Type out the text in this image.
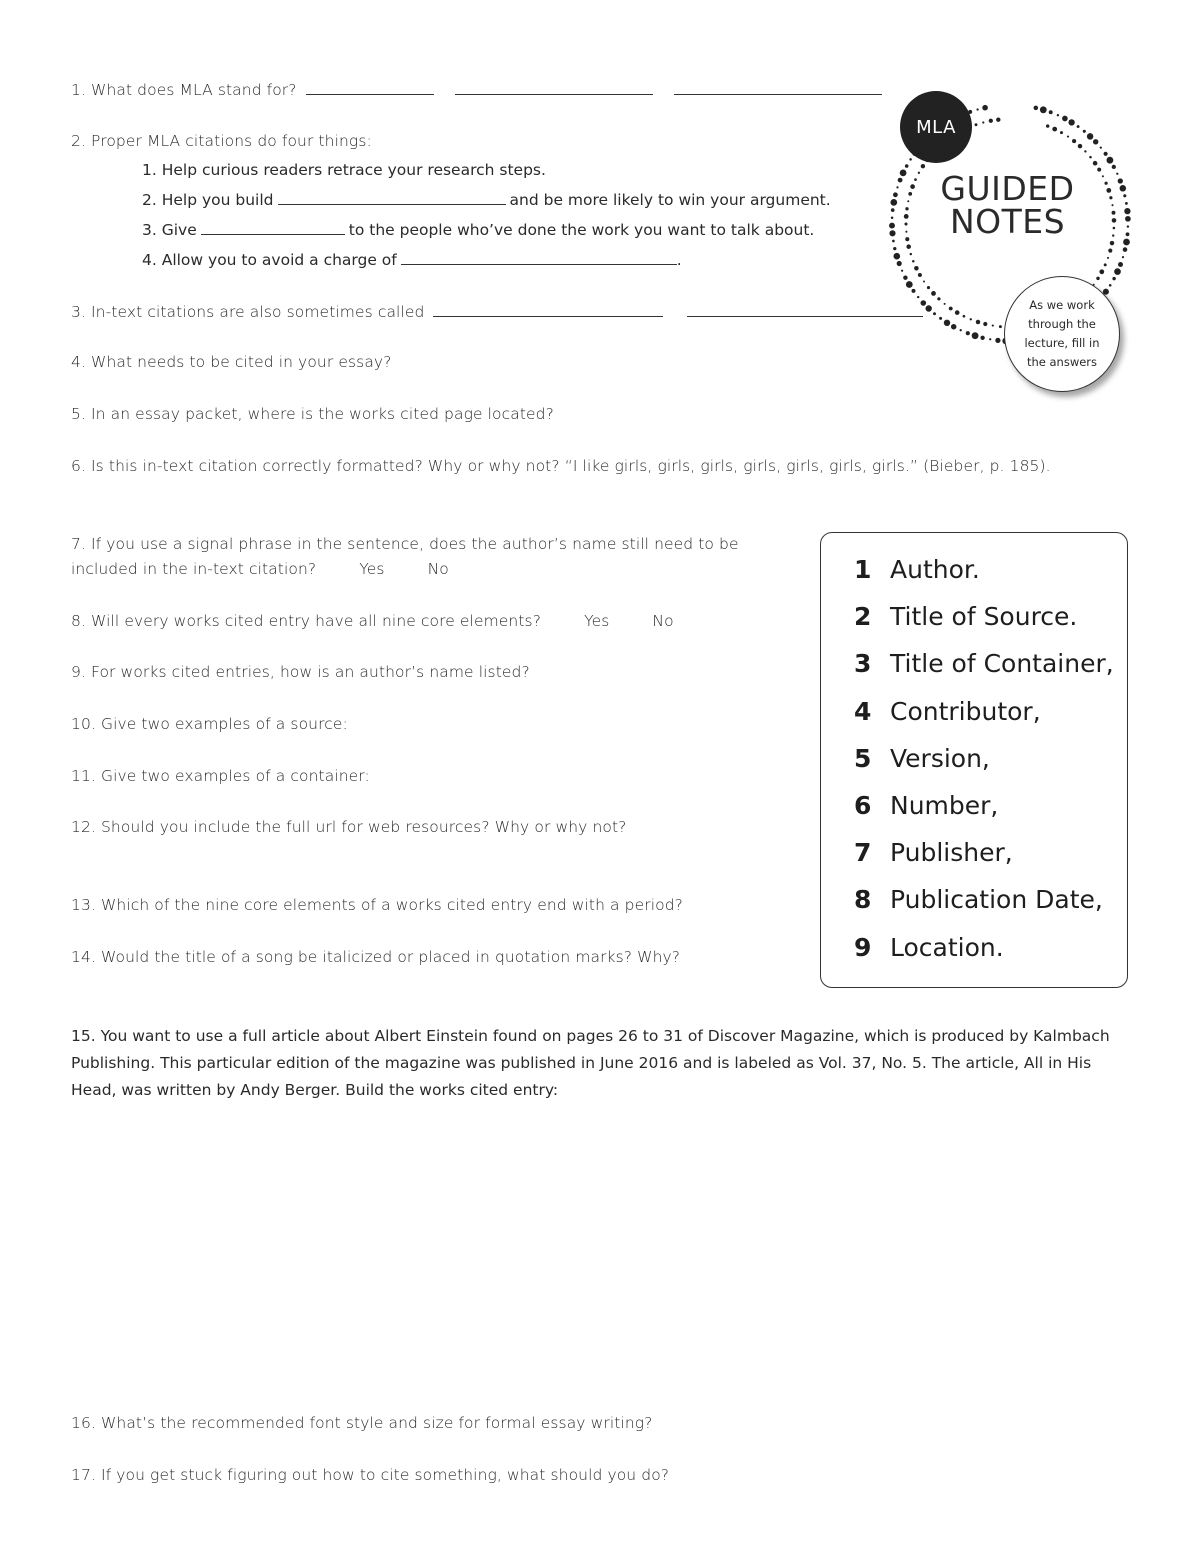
1. What does MLA stand for?
2. Proper MLA citations do four things:
1. Help curious readers retrace your research steps.
2. Help you build	and be more likely to win your argument.
3. Give	to the people who’ve done the work you want to talk about.
4. Allow you to avoid a charge of	.
3. In-text citations are also sometimes called
4. What needs to be cited in your essay?
5. In an essay packet, where is the works cited page located?
6. Is this in-text citation correctly formatted? Why or why not? “I like girls, girls, girls, girls, girls, girls, girls.” (Bieber, p. 185).
7. If you use a signal phrase in the sentence, does the author’s name still need to be
included in the in-text citation?	Yes	No
8. Will every works cited entry have all nine core elements?	Yes	No
9. For works cited entries, how is an author’s name listed?
10. Give two examples of a source:
11. Give two examples of a container:
12. Should you include the full url for web resources? Why or why not?
13. Which of the nine core elements of a works cited entry end with a period?
14. Would the title of a song be italicized or placed in quotation marks? Why?
15. You want to use a full article about Albert Einstein found on pages 26 to 31 of Discover Magazine, which is produced by Kalmbach Publishing. This particular edition of the magazine was published in June 2016 and is labeled as Vol. 37, No. 5. The article, All in His Head, was written by Andy Berger. Build the works cited entry:
16. What’s the recommended font style and size for formal essay writing?
17. If you get stuck figuring out how to cite something, what should you do?
MLA
GUIDED
NOTES
As we work through the lecture, fill in the answers
1 Author.
2 Title of Source.
3 Title of Container,
4 Contributor,
5 Version,
6 Number,
7 Publisher,
8 Publication Date,
9 Location.
